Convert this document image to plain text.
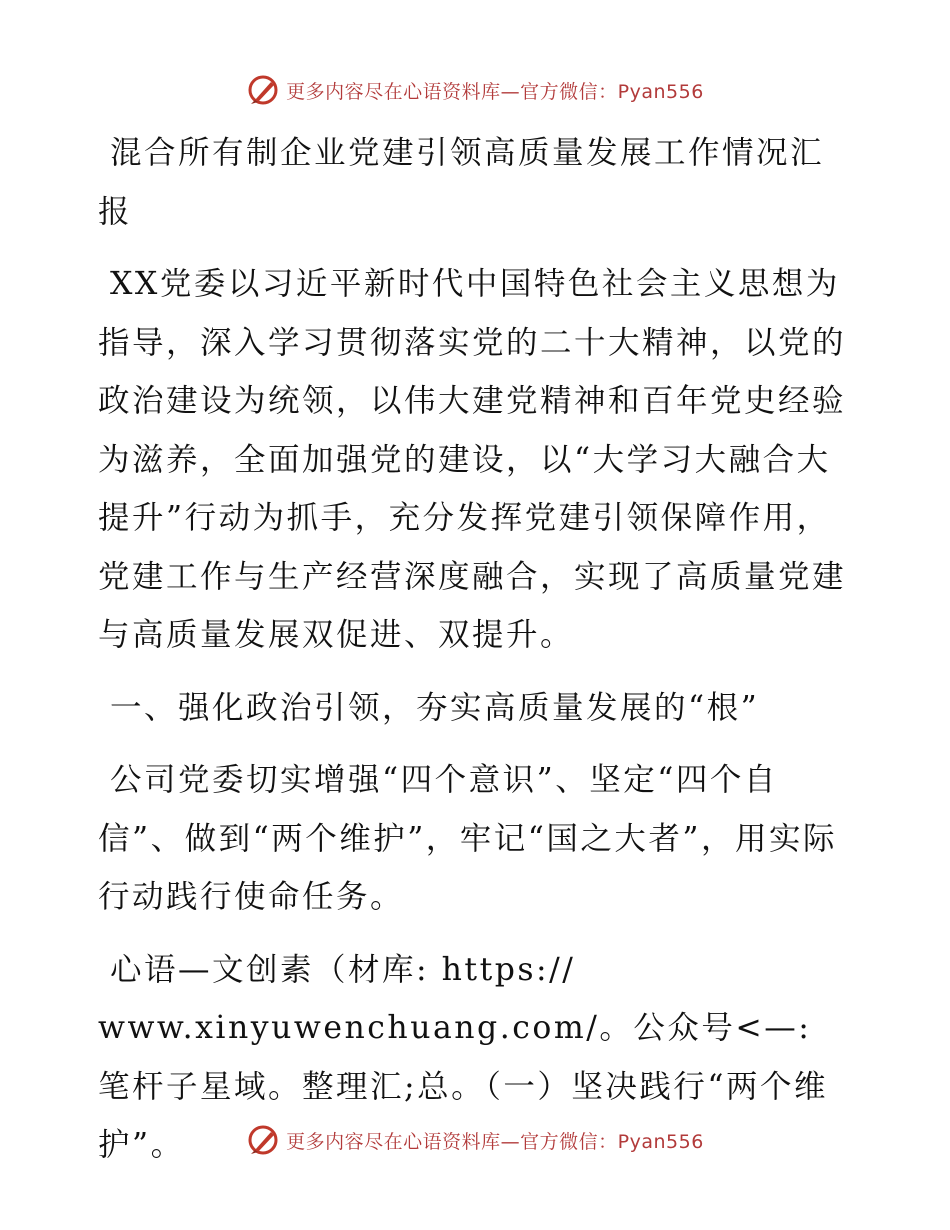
更多内容尽在心语资料库—官方微信：Pyan556

混合所有制企业党建引领高质量发展工作情况汇报

XX党委以习近平新时代中国特色社会主义思想为指导，深入学习贯彻落实党的二十大精神，以党的政治建设为统领，以伟大建党精神和百年党史经验为滋养，全面加强党的建设，以“大学习大融合大提升”行动为抓手，充分发挥党建引领保障作用，党建工作与生产经营深度融合，实现了高质量党建与高质量发展双促进、双提升。

一、强化政治引领，夯实高质量发展的“根”

公司党委切实增强“四个意识”、坚定“四个自信”、做到“两个维护”，牢记“国之大者”，用实际行动践行使命任务。

心语—文创素（材库: https://

www.xinyuwenchuang.com/。公众号<—: 笔杆子星域。整理汇;总。（一）坚决践行“两个维护”。	更多内容尽在心语资料库—官方微信：Pyan556
